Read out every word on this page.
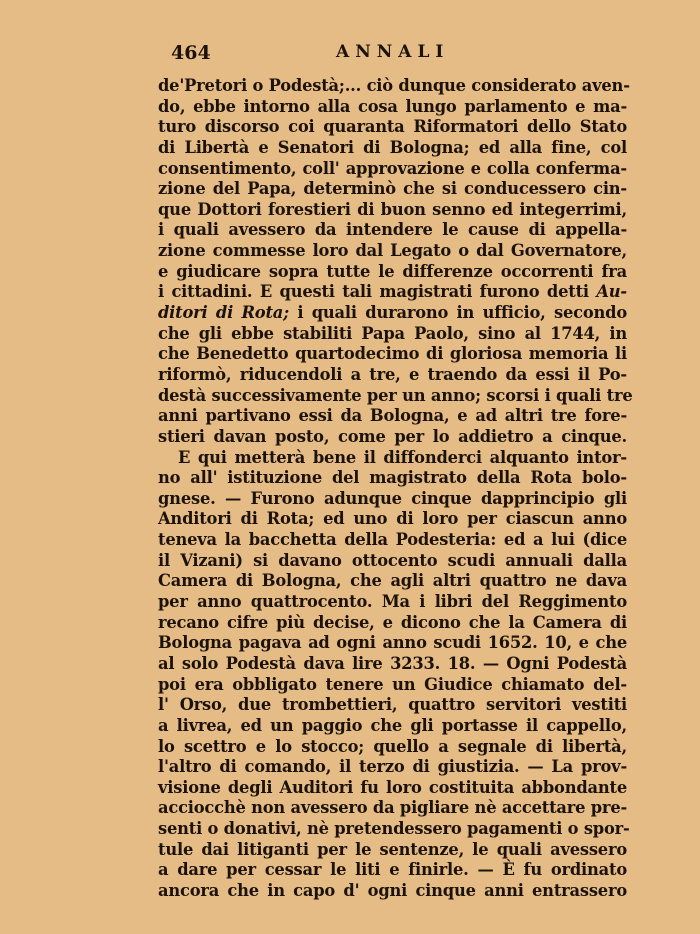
464	ANNALI
de'Pretori o Podestà;... ciò dunque considerato aven-
do, ebbe intorno alla cosa lungo parlamento e ma-
turo discorso coi quaranta Riformatori dello Stato
di Libertà e Senatori di Bologna; ed alla fine, col
consentimento, coll' approvazione e colla conferma-
zione del Papa, determinò che si conducessero cin-
que Dottori forestieri di buon senno ed integerrimi,
i quali avessero da intendere le cause di appella-
zione commesse loro dal Legato o dal Governatore,
e giudicare sopra tutte le differenze occorrenti fra
i cittadini. E questi tali magistrati furono detti Au-
ditori di Rota; i quali durarono in ufficio, secondo
che gli ebbe stabiliti Papa Paolo, sino al 1744, in
che Benedetto quartodecimo di gloriosa memoria li
riformò, riducendoli a tre, e traendo da essi il Po-
destà successivamente per un anno; scorsi i quali tre
anni partivano essi da Bologna, e ad altri tre fore-
stieri davan posto, come per lo addietro a cinque.
E qui metterà bene il diffonderci alquanto intor-
no all' istituzione del magistrato della Rota bolo-
gnese. — Furono adunque cinque dapprincipio gli
Anditori di Rota; ed uno di loro per ciascun anno
teneva la bacchetta della Podesteria: ed a lui (dice
il Vizani) si davano ottocento scudi annuali dalla
Camera di Bologna, che agli altri quattro ne dava
per anno quattrocento. Ma i libri del Reggimento
recano cifre più decise, e dicono che la Camera di
Bologna pagava ad ogni anno scudi 1652. 10, e che
al solo Podestà dava lire 3233. 18. — Ogni Podestà
poi era obbligato tenere un Giudice chiamato del-
l' Orso, due trombettieri, quattro servitori vestiti
a livrea, ed un paggio che gli portasse il cappello,
lo scettro e lo stocco; quello a segnale di libertà,
l'altro di comando, il terzo di giustizia. — La prov-
visione degli Auditori fu loro costituita abbondante
acciocchè non avessero da pigliare nè accettare pre-
senti o donativi, nè pretendessero pagamenti o spor-
tule dai litiganti per le sentenze, le quali avessero
a dare per cessar le liti e finirle. — È fu ordinato
ancora che in capo d' ogni cinque anni entrassero
